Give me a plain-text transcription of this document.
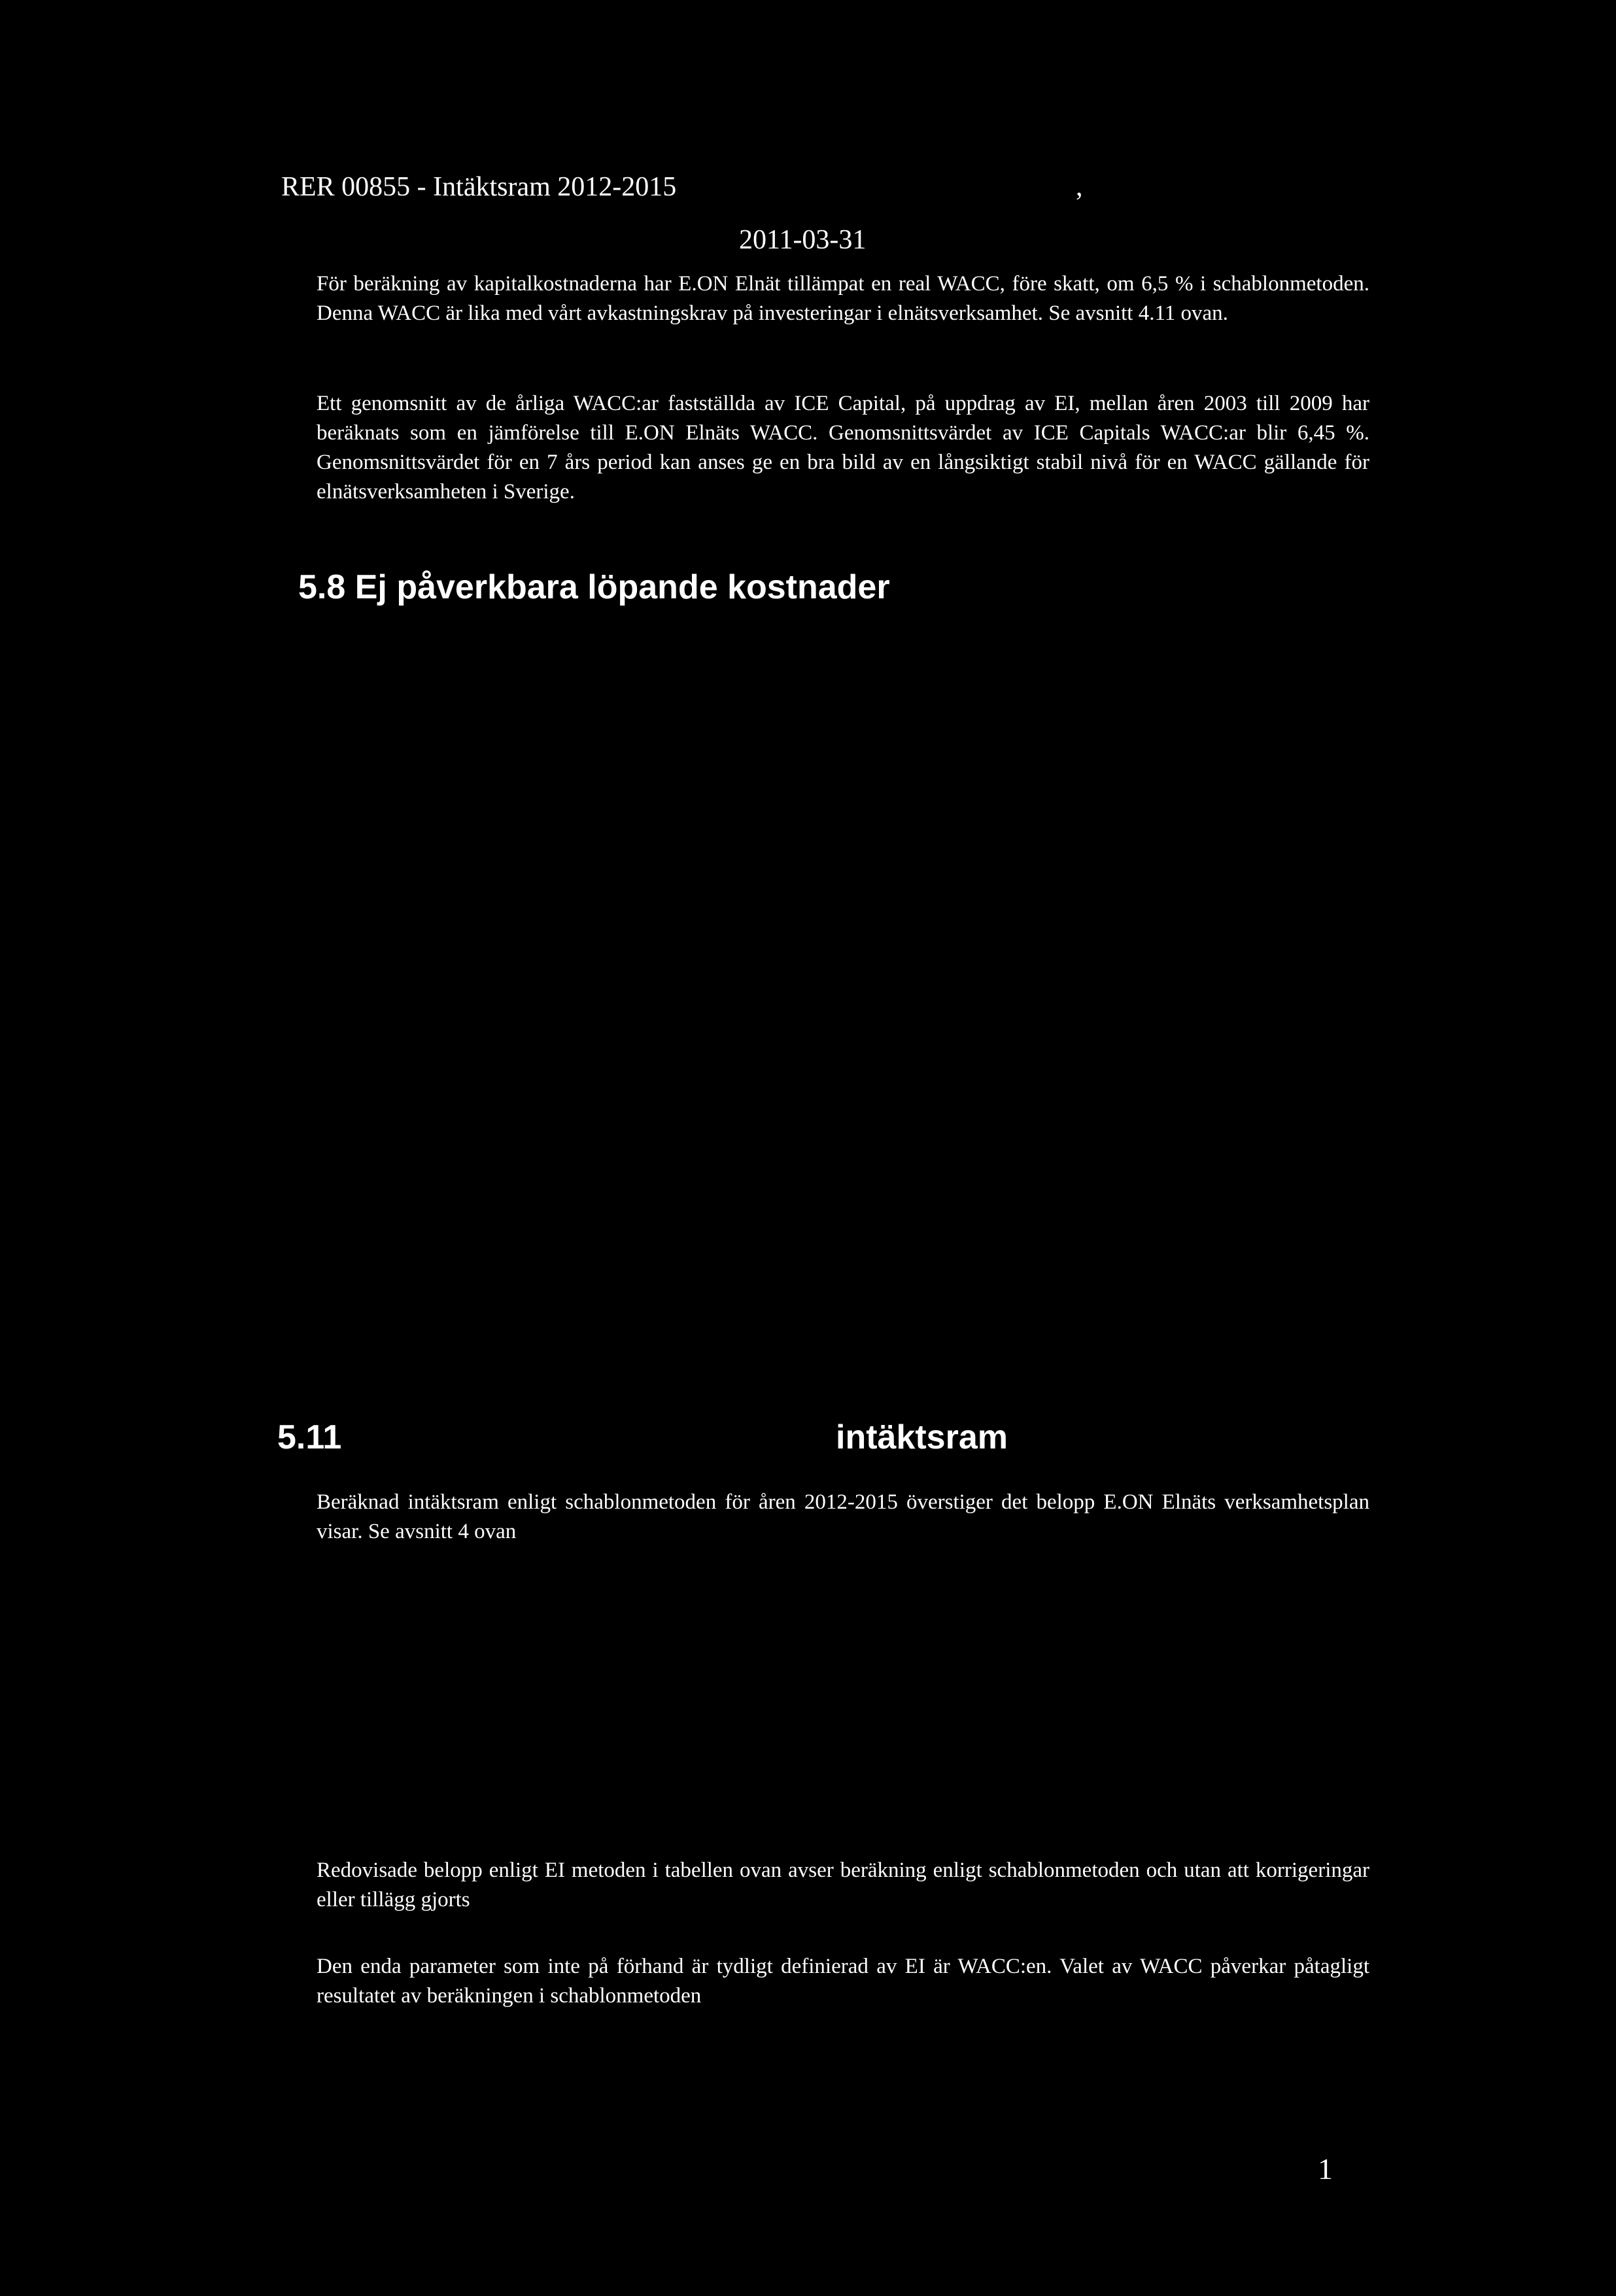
RER 00855 - Intäktsram 2012-2015	,
2011-03-31

För beräkning av kapitalkostnaderna har E.ON Elnät tillämpat en real WACC, före skatt, om 6,5 % i schablonmetoden. Denna WACC är lika med vårt avkastningskrav på investeringar i elnätsverksamhet. Se avsnitt 4.11 ovan.

Ett genomsnitt av de årliga WACC:ar fastställda av ICE Capital, på uppdrag av EI, mellan åren 2003 till 2009 har beräknats som en jämförelse till E.ON Elnäts WACC. Genomsnittsvärdet av ICE Capitals WACC:ar blir 6,45 %. Genomsnittsvärdet för en 7 års period kan anses ge en bra bild av en långsiktigt stabil nivå för en WACC gällande för elnätsverksamheten i Sverige.

5.8 Ej påverkbara löpande kostnader
5.11	intäktsram

Beräknad intäktsram enligt schablonmetoden för åren 2012-2015 överstiger det belopp E.ON Elnäts verksamhetsplan visar. Se avsnitt 4 ovan

Redovisade belopp enligt EI metoden i tabellen ovan avser beräkning enligt schablonmetoden och utan att korrigeringar eller tillägg gjorts

Den enda parameter som inte på förhand är tydligt definierad av EI är WACC:en. Valet av WACC påverkar påtagligt resultatet av beräkningen i schablonmetoden

1
